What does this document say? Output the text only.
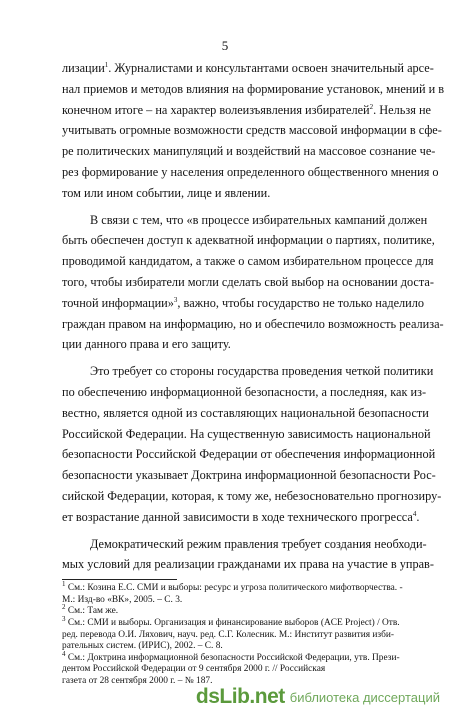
5
лизации$^1$. Журналистами и консультантами освоен значительный арсе-
нал приемов и методов влияния на формирование установок, мнений и в
конечном итоге – на характер волеизъявления избирателей$^2$. Нельзя не
учитывать огромные возможности средств массовой информации в сфе-
ре политических манипуляций и воздействий на массовое сознание че-
рез формирование у населения определенного общественного мнения о
том или ином событии, лице и явлении.
В связи с тем, что «в процессе избирательных кампаний должен
быть обеспечен доступ к адекватной информации о партиях, политике,
проводимой кандидатом, а также о самом избирательном процессе для
того, чтобы избиратели могли сделать свой выбор на основании доста-
точной информации»$^3$, важно, чтобы государство не только наделило
граждан правом на информацию, но и обеспечило возможность реализа-
ции данного права и его защиту.
Это требует со стороны государства проведения четкой политики
по обеспечению информационной безопасности, а последняя, как из-
вестно, является одной из составляющих национальной безопасности
Российской Федерации. На существенную зависимость национальной
безопасности Российской Федерации от обеспечения информационной
безопасности указывает Доктрина информационной безопасности Рос-
сийской Федерации, которая, к тому же, небезосновательно прогнозиру-
ет возрастание данной зависимости в ходе технического прогресса$^4$.
Демократический режим правления требует создания необходи-
мых условий для реализации гражданами их права на участие в управ-
$^1$ См.: Козина Е.С. СМИ и выборы: ресурс и угроза политического мифотворчества. -
М.: Изд-во «ВК», 2005. – С. 3.
$^2$ См.: Там же.
$^3$ См.: СМИ и выборы. Организация и финансирование выборов (ACE Project) / Отв.
ред. перевода О.И. Ляхович, науч. ред. С.Г. Колесник. М.: Институт развития изби-
рательных систем. (ИРИС), 2002. – С. 8.
$^4$ См.: Доктрина информационной безопасности Российской Федерации, утв. Прези-
дентом Российской Федерации от 9 сентября 2000 г. // Российская
газета от 28 сентября 2000 г. – № 187.
dsLib.net библиотека диссертаций
